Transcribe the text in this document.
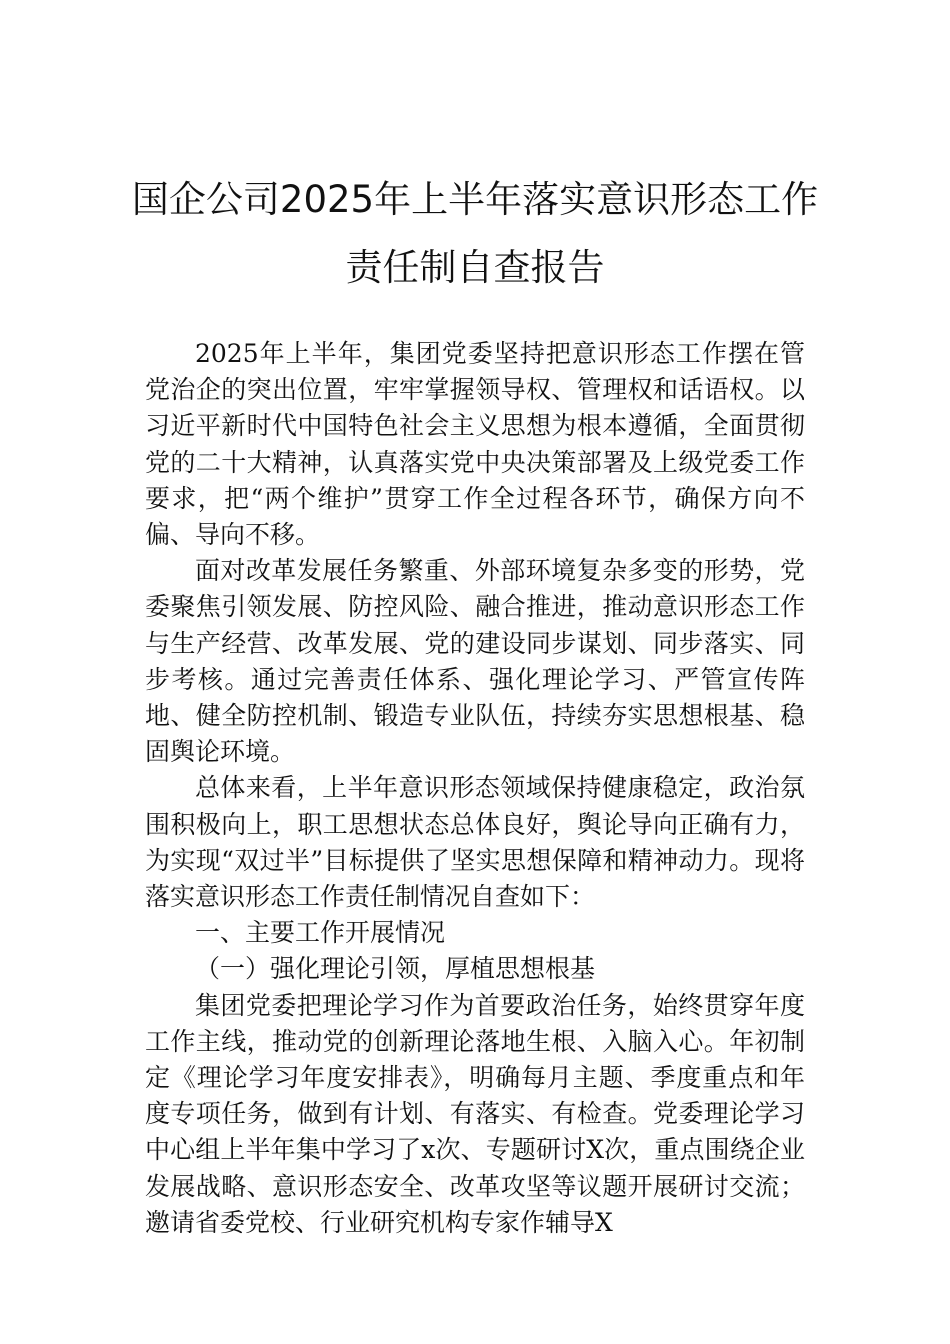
国企公司2025年上半年落实意识形态工作
责任制自查报告

2025年上半年，集团党委坚持把意识形态工作摆在管党治企的突出位置，牢牢掌握领导权、管理权和话语权。以习近平新时代中国特色社会主义思想为根本遵循，全面贯彻党的二十大精神，认真落实党中央决策部署及上级党委工作要求，把“两个维护”贯穿工作全过程各环节，确保方向不偏、导向不移。

面对改革发展任务繁重、外部环境复杂多变的形势，党委聚焦引领发展、防控风险、融合推进，推动意识形态工作与生产经营、改革发展、党的建设同步谋划、同步落实、同步考核。通过完善责任体系、强化理论学习、严管宣传阵地、健全防控机制、锻造专业队伍，持续夯实思想根基、稳固舆论环境。

总体来看，上半年意识形态领域保持健康稳定，政治氛围积极向上，职工思想状态总体良好，舆论导向正确有力，为实现“双过半”目标提供了坚实思想保障和精神动力。现将落实意识形态工作责任制情况自查如下：

一、主要工作开展情况

（一）强化理论引领，厚植思想根基

集团党委把理论学习作为首要政治任务，始终贯穿年度工作主线，推动党的创新理论落地生根、入脑入心。年初制定《理论学习年度安排表》，明确每月主题、季度重点和年度专项任务，做到有计划、有落实、有检查。党委理论学习中心组上半年集中学习了x次、专题研讨X次，重点围绕企业发展战略、意识形态安全、改革攻坚等议题开展研讨交流；邀请省委党校、行业研究机构专家作辅导X
